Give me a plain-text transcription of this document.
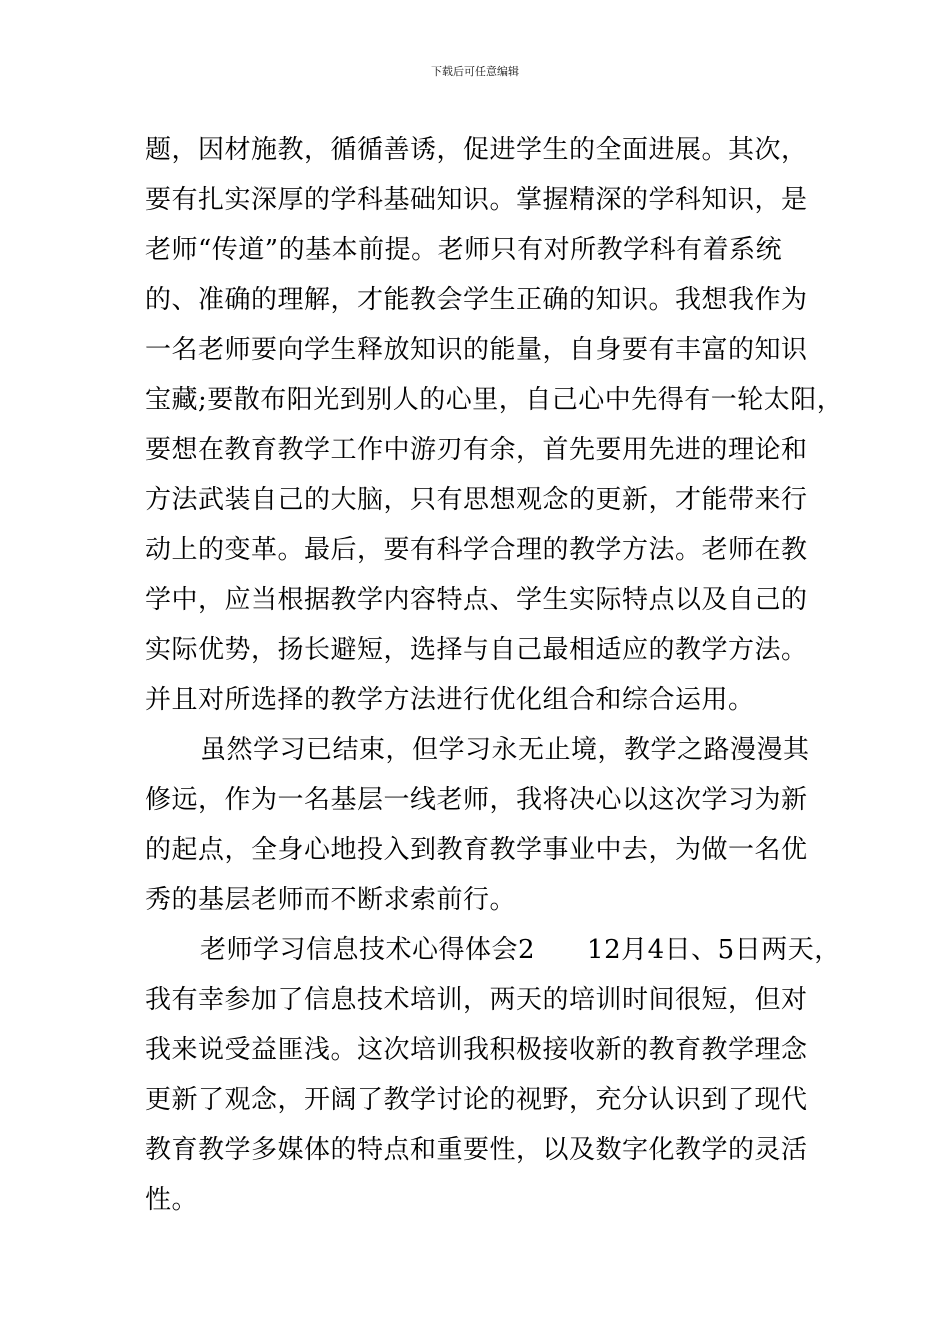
下载后可任意编辑
题，因材施教，循循善诱，促进学生的全面进展。其次，
要有扎实深厚的学科基础知识。掌握精深的学科知识，是
老师“传道”的基本前提。老师只有对所教学科有着系统
的、准确的理解，才能教会学生正确的知识。我想我作为
一名老师要向学生释放知识的能量，自身要有丰富的知识
宝藏;要散布阳光到别人的心里，自己心中先得有一轮太阳，
要想在教育教学工作中游刃有余，首先要用先进的理论和
方法武装自己的大脑，只有思想观念的更新，才能带来行
动上的变革。最后，要有科学合理的教学方法。老师在教
学中，应当根据教学内容特点、学生实际特点以及自己的
实际优势，扬长避短，选择与自己最相适应的教学方法。
并且对所选择的教学方法进行优化组合和综合运用。
虽然学习已结束，但学习永无止境，教学之路漫漫其
修远，作为一名基层一线老师，我将决心以这次学习为新
的起点，全身心地投入到教育教学事业中去，为做一名优
秀的基层老师而不断求索前行。
老师学习信息技术心得体会2 12月4日、5日两天，
我有幸参加了信息技术培训，两天的培训时间很短，但对
我来说受益匪浅。这次培训我积极接收新的教育教学理念
更新了观念，开阔了教学讨论的视野，充分认识到了现代
教育教学多媒体的特点和重要性，以及数字化教学的灵活
性。
